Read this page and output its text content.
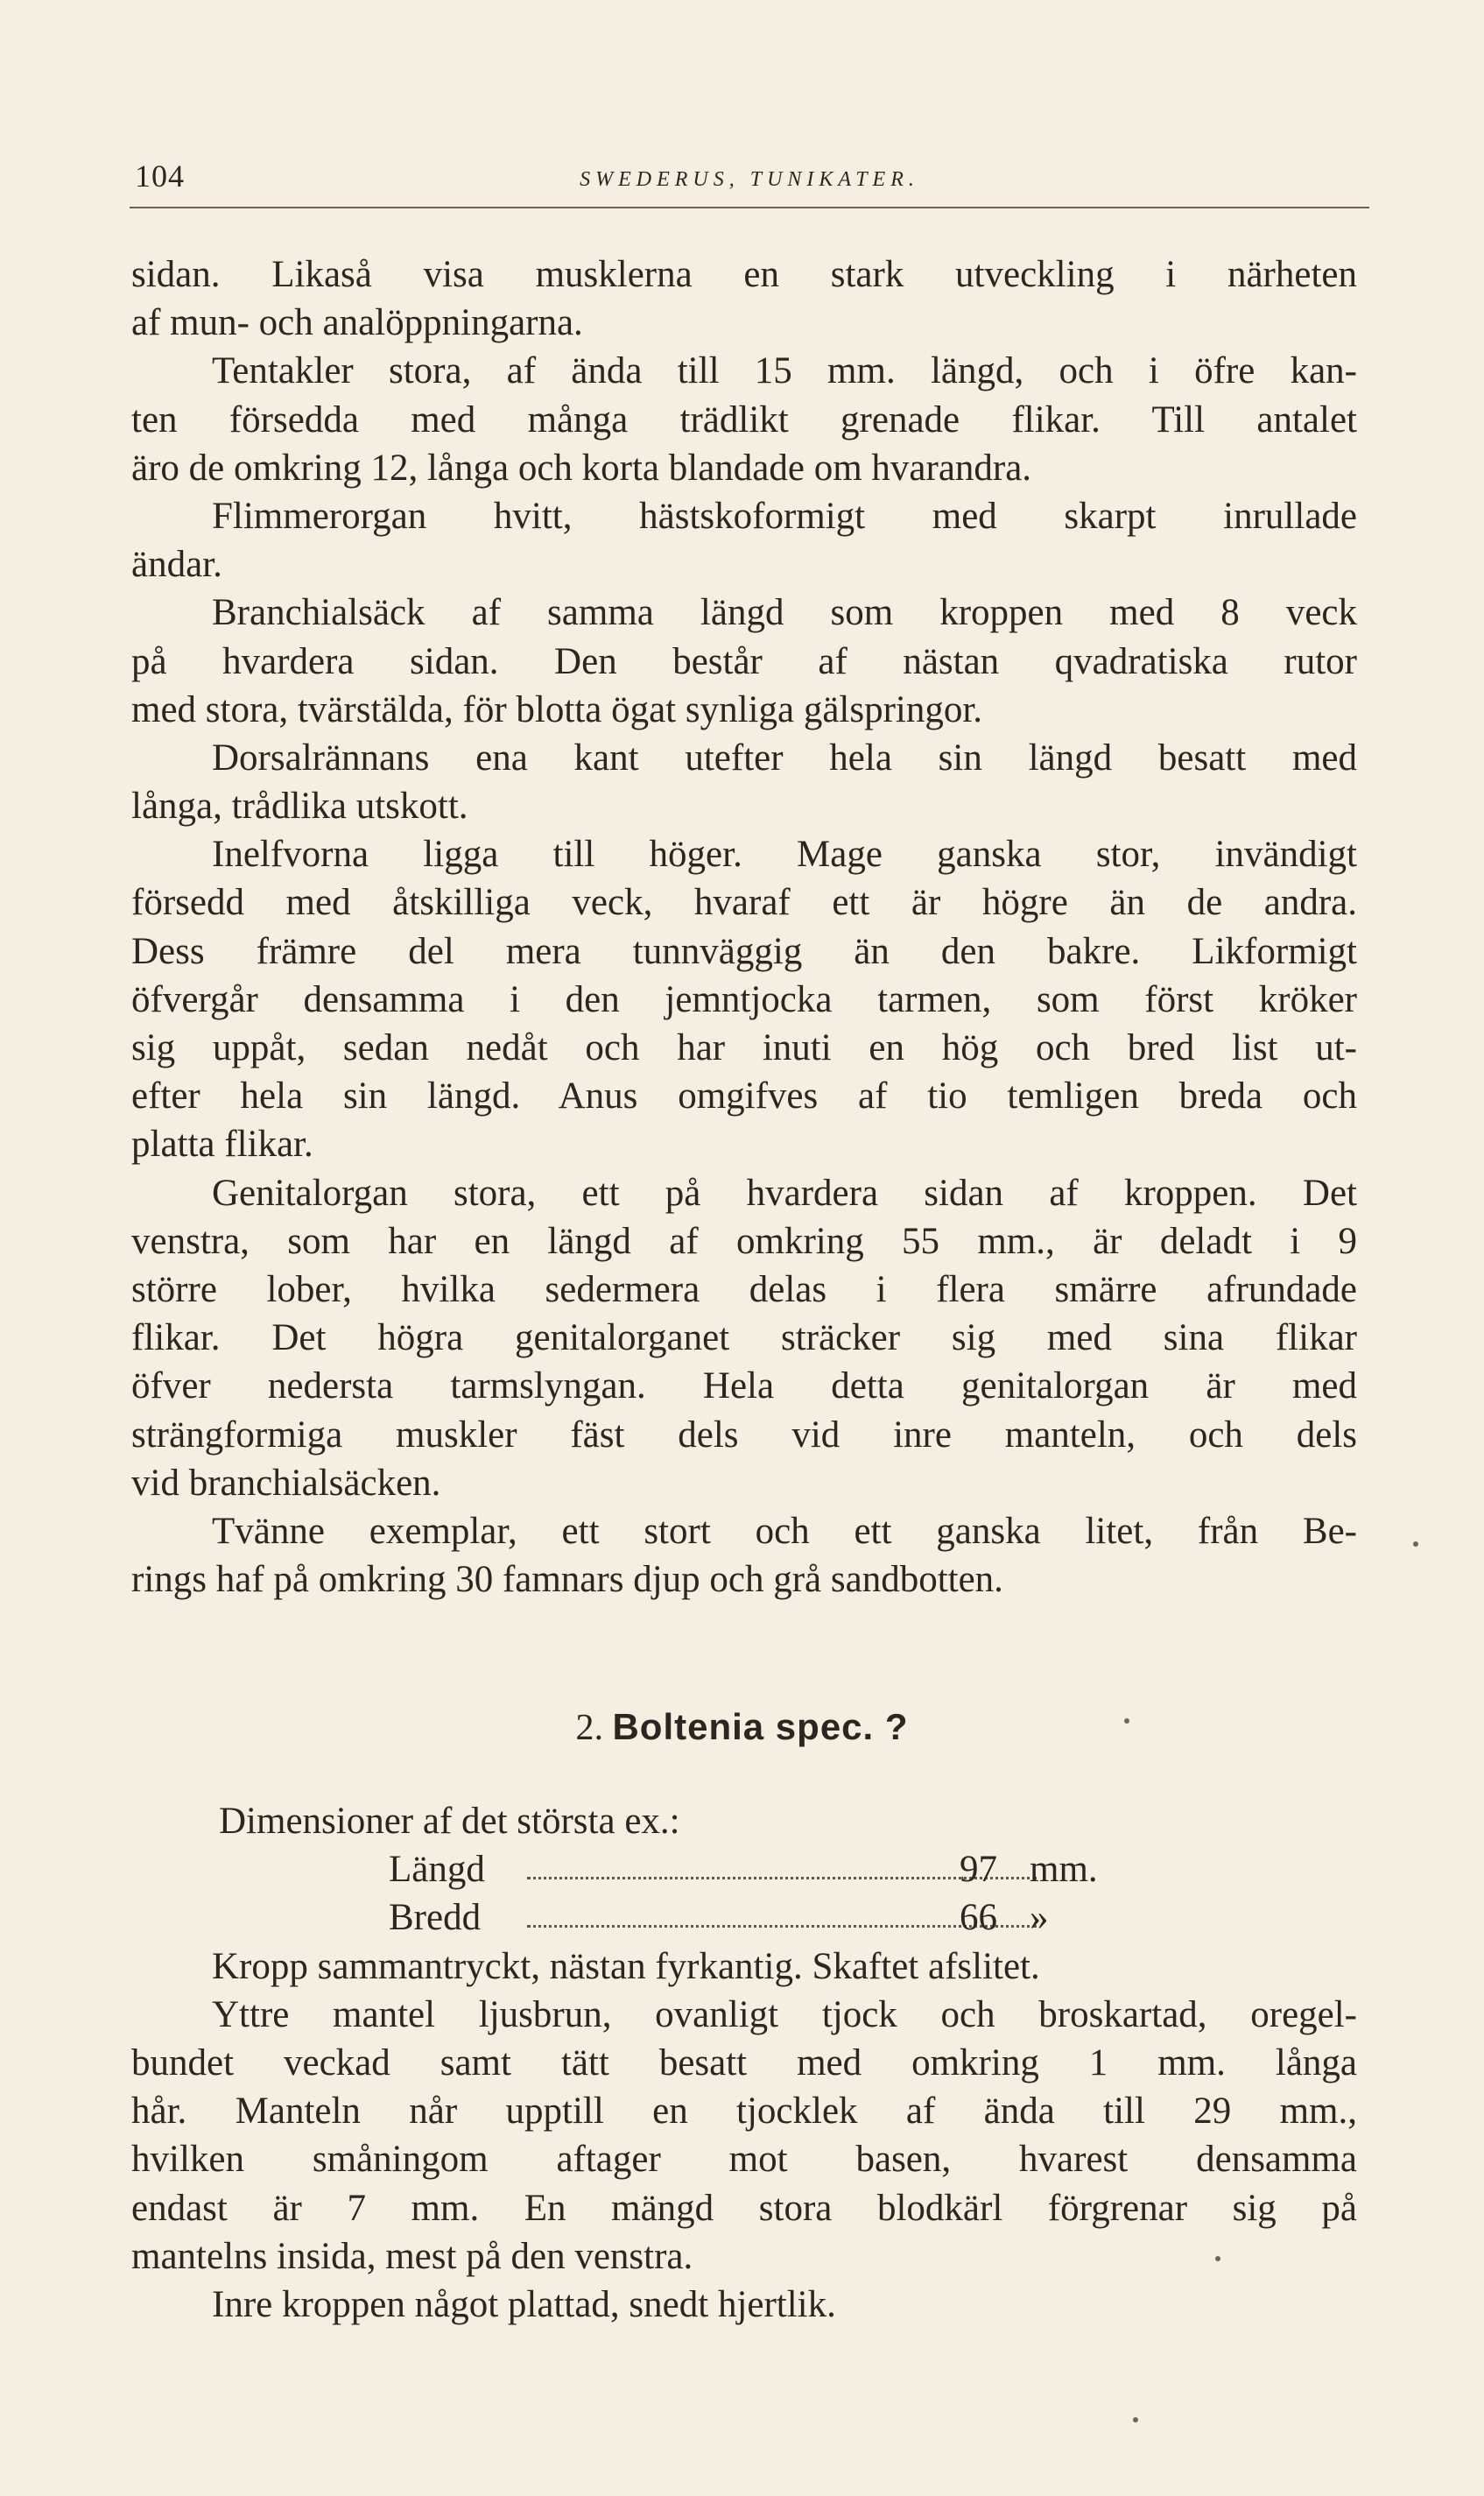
104	SWEDERUS, TUNIKATER.
sidan. Likaså visa musklerna en stark utveckling i närheten
af mun- och analöppningarna.
Tentakler stora, af ända till 15 mm. längd, och i öfre kan-
ten försedda med många trädlikt grenade flikar. Till antalet
äro de omkring 12, långa och korta blandade om hvarandra.
Flimmerorgan hvitt, hästskoformigt med skarpt inrullade
ändar.
Branchialsäck af samma längd som kroppen med 8 veck
på hvardera sidan. Den består af nästan qvadratiska rutor
med stora, tvärstälda, för blotta ögat synliga gälspringor.
Dorsalrännans ena kant utefter hela sin längd besatt med
långa, trådlika utskott.
Inelfvorna ligga till höger. Mage ganska stor, invändigt
försedd med åtskilliga veck, hvaraf ett är högre än de andra.
Dess främre del mera tunnväggig än den bakre. Likformigt
öfvergår densamma i den jemntjocka tarmen, som först kröker
sig uppåt, sedan nedåt och har inuti en hög och bred list ut-
efter hela sin längd. Anus omgifves af tio temligen breda och
platta flikar.
Genitalorgan stora, ett på hvardera sidan af kroppen. Det
venstra, som har en längd af omkring 55 mm., är deladt i 9
större lober, hvilka sedermera delas i flera smärre afrundade
flikar. Det högra genitalorganet sträcker sig med sina flikar
öfver nedersta tarmslyngan. Hela detta genitalorgan är med
strängformiga muskler fäst dels vid inre manteln, och dels
vid branchialsäcken.
Tvänne exemplar, ett stort och ett ganska litet, från Be-
rings haf på omkring 30 famnars djup och grå sandbotten.
2. Boltenia spec. ?
Dimensioner af det största ex.:
Längd	97 mm.
Bredd	66 »
Kropp sammantryckt, nästan fyrkantig. Skaftet afslitet.
Yttre mantel ljusbrun, ovanligt tjock och broskartad, oregel-
bundet veckad samt tätt besatt med omkring 1 mm. långa
hår. Manteln når upptill en tjocklek af ända till 29 mm.,
hvilken småningom aftager mot basen, hvarest densamma
endast är 7 mm. En mängd stora blodkärl förgrenar sig på
mantelns insida, mest på den venstra.
Inre kroppen något plattad, snedt hjertlik.
